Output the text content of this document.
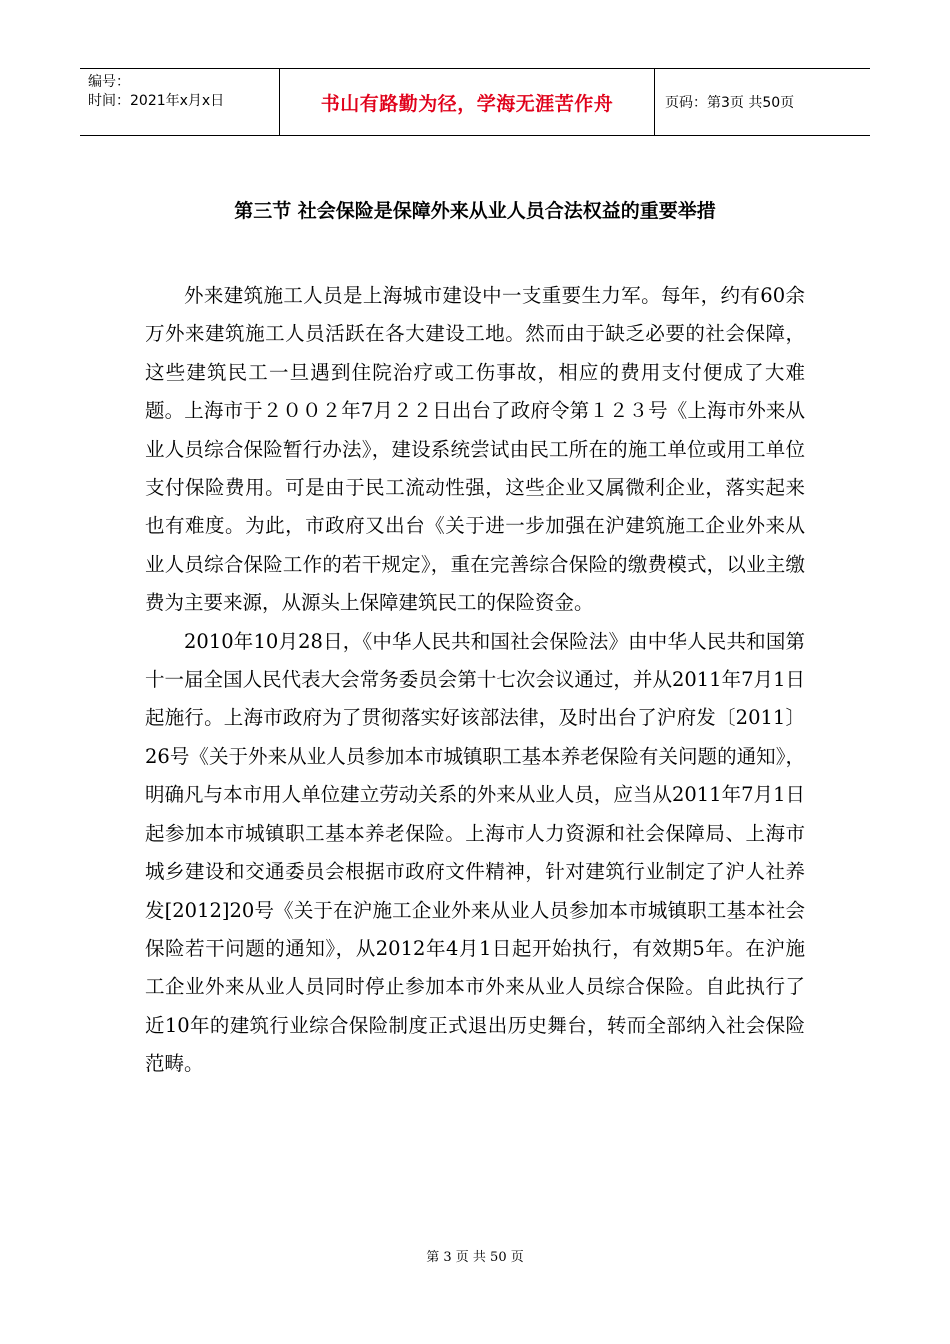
编号：
时间：2021年x月x日	书山有路勤为径，学海无涯苦作舟	页码：第3页 共50页
第三节 社会保险是保障外来从业人员合法权益的重要举措

外来建筑施工人员是上海城市建设中一支重要生力军。每年，约有60余万外来建筑施工人员活跃在各大建设工地。然而由于缺乏必要的社会保障，这些建筑民工一旦遇到住院治疗或工伤事故，相应的费用支付便成了大难题。上海市于２００２年7月２２日出台了政府令第１２３号《上海市外来从业人员综合保险暂行办法》，建设系统尝试由民工所在的施工单位或用工单位支付保险费用。可是由于民工流动性强，这些企业又属微利企业，落实起来也有难度。为此，市政府又出台《关于进一步加强在沪建筑施工企业外来从业人员综合保险工作的若干规定》，重在完善综合保险的缴费模式，以业主缴费为主要来源，从源头上保障建筑民工的保险资金。

2010年10月28日，《中华人民共和国社会保险法》由中华人民共和国第十一届全国人民代表大会常务委员会第十七次会议通过，并从2011年7月1日起施行。上海市政府为了贯彻落实好该部法律，及时出台了沪府发〔2011〕26号《关于外来从业人员参加本市城镇职工基本养老保险有关问题的通知》，明确凡与本市用人单位建立劳动关系的外来从业人员，应当从2011年7月1日起参加本市城镇职工基本养老保险。上海市人力资源和社会保障局、上海市城乡建设和交通委员会根据市政府文件精神，针对建筑行业制定了沪人社养发[2012]20号《关于在沪施工企业外来从业人员参加本市城镇职工基本社会保险若干问题的通知》，从2012年4月1日起开始执行，有效期5年。在沪施工企业外来从业人员同时停止参加本市外来从业人员综合保险。自此执行了近10年的建筑行业综合保险制度正式退出历史舞台，转而全部纳入社会保险范畴。

第 3 页 共 50 页
